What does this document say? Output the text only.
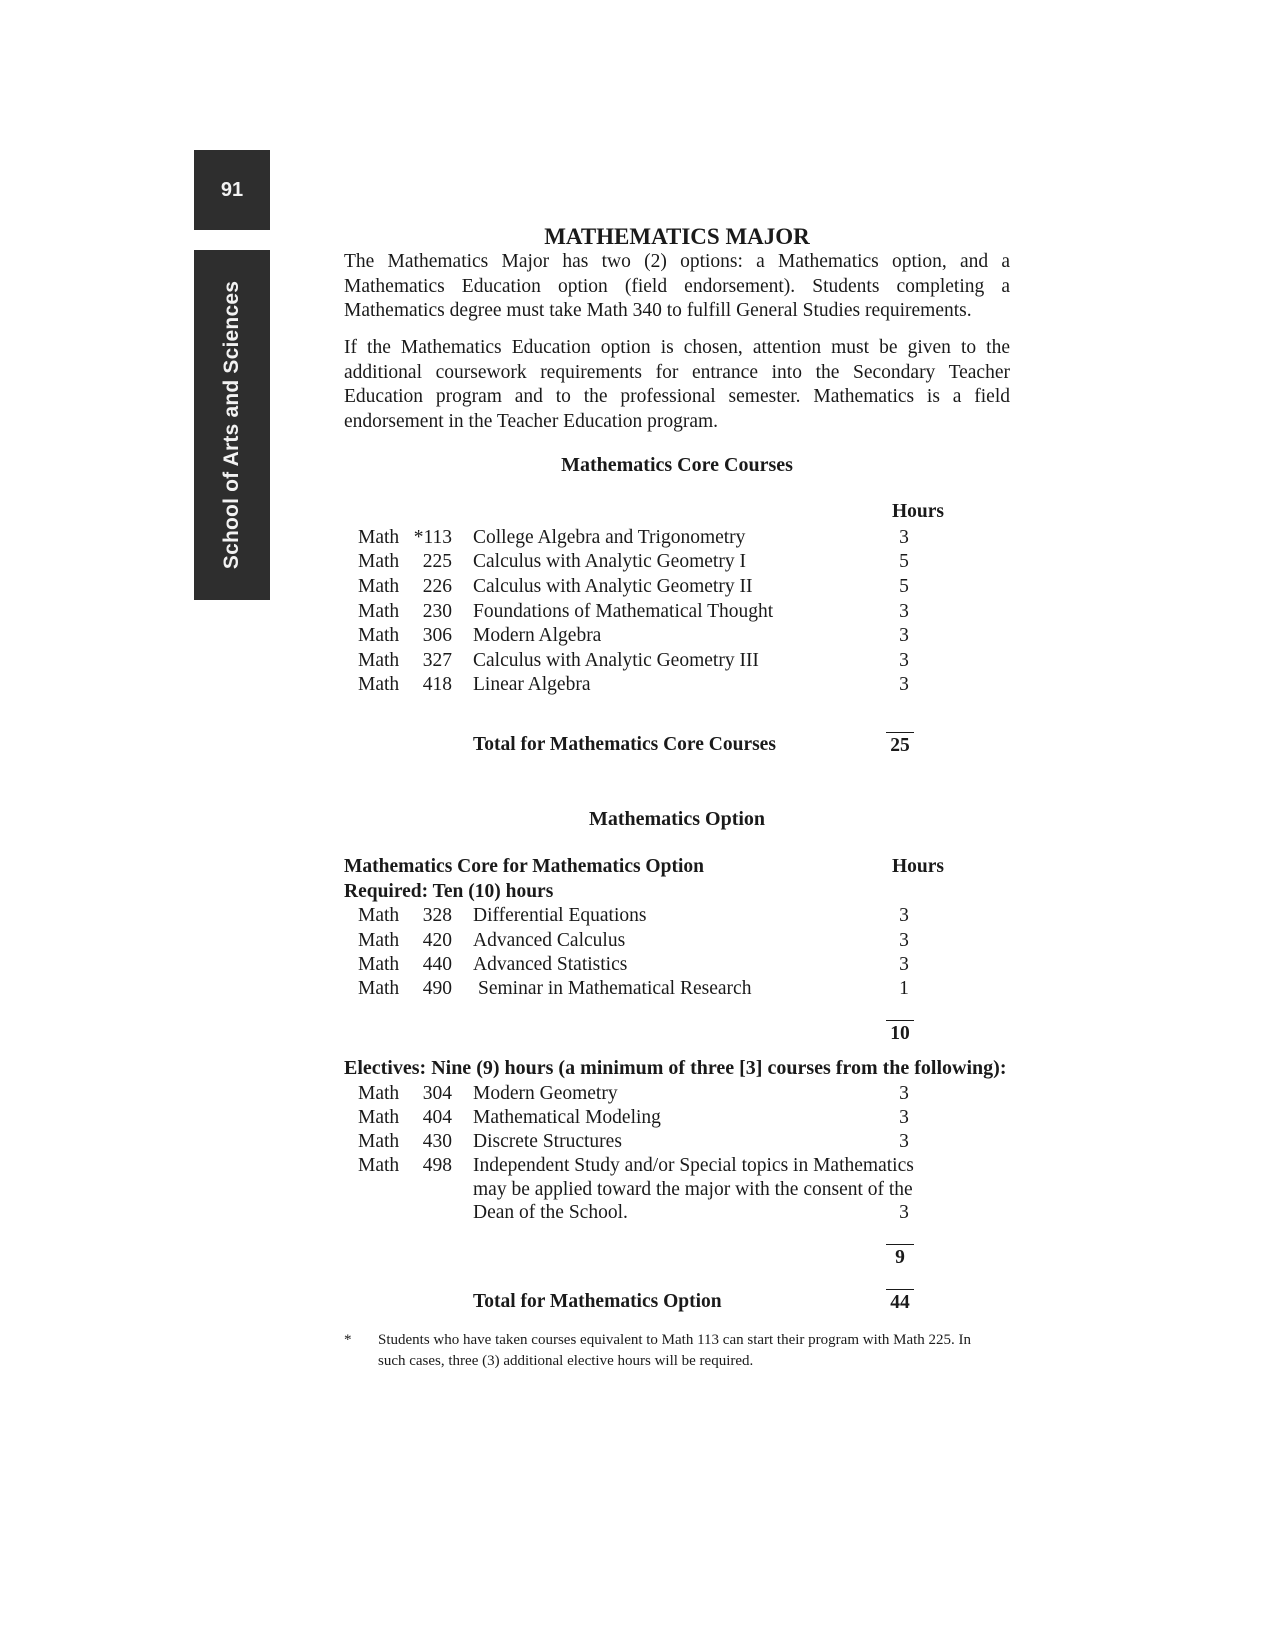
91
School of Arts and Sciences
MATHEMATICS MAJOR

The Mathematics Major has two (2) options: a Mathematics option, and a Mathematics Education option (field endorsement). Students completing a Mathematics degree must take Math 340 to fulfill General Studies requirements.

If the Mathematics Education option is chosen, attention must be given to the additional coursework requirements for entrance into the Secondary Teacher Education program and to the professional semester. Mathematics is a field endorsement in the Teacher Education program.

Mathematics Core Courses
Hours
Math *113 College Algebra and Trigonometry	3
Math	225 Calculus with Analytic Geometry I	5
Math	226 Calculus with Analytic Geometry II	5
Math	230 Foundations of Mathematical Thought	3
Math	306 Modern Algebra	3
Math	327 Calculus with Analytic Geometry III	3
Math	418 Linear Algebra	3
Total for Mathematics Core Courses	25
Mathematics Option
Mathematics Core for Mathematics Option	Hours
Required: Ten (10) hours
Math	328 Differential Equations	3
Math	420 Advanced Calculus	3
Math	440 Advanced Statistics	3
Math	490 Seminar in Mathematical Research	1
10
Electives: Nine (9) hours (a minimum of three [3] courses from the following):
Math	304 Modern Geometry	3
Math	404 Mathematical Modeling	3
Math	430 Discrete Structures	3
Math	498 Independent Study and/or Special topics in Mathematics
may be applied toward the major with the consent of the
Dean of the School.	3
9
Total for Mathematics Option	44
* Students who have taken courses equivalent to Math 113 can start their program with Math 225. In such cases, three (3) additional elective hours will be required.
